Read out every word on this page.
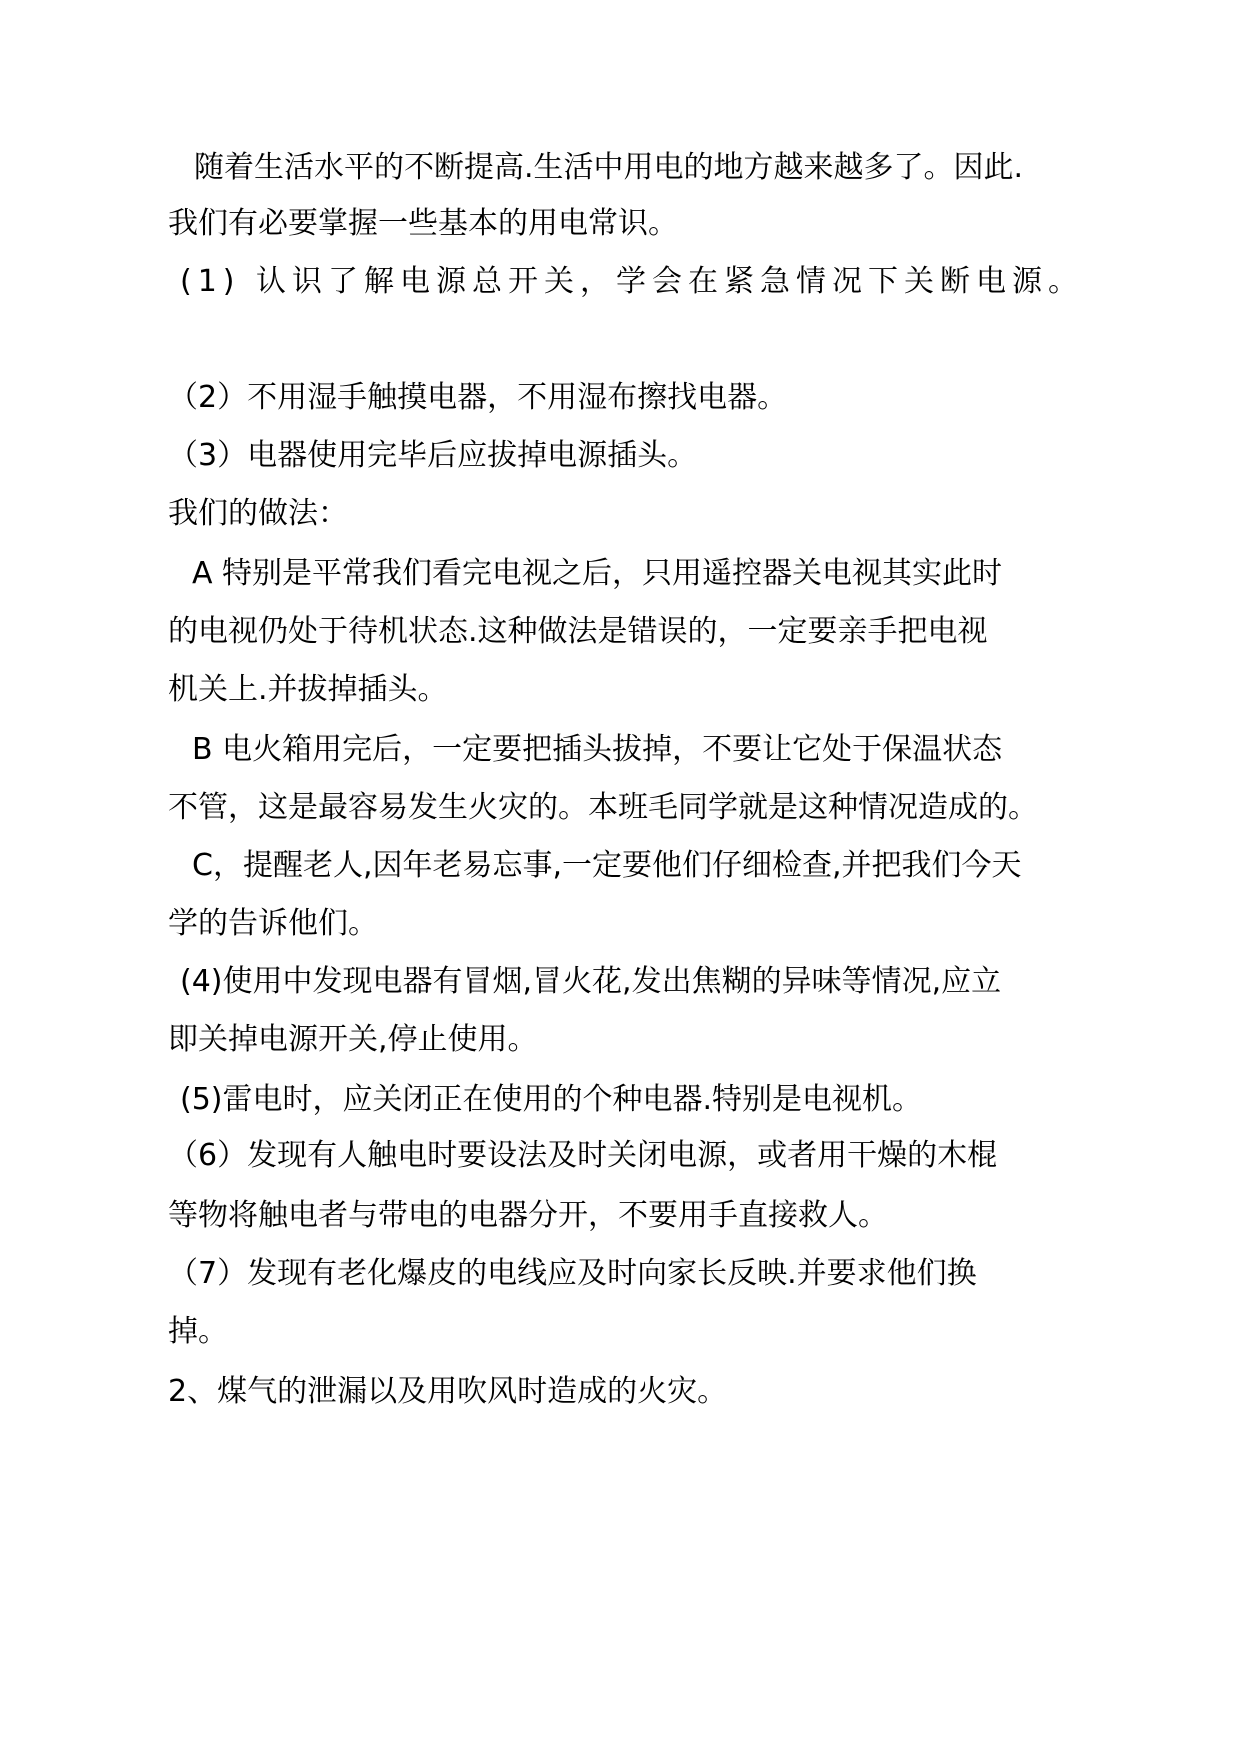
随着生活水平的不断提高.生活中用电的地方越来越多了。因此.
我们有必要掌握一些基本的用电常识。
(1) 认识了解电源总开关，学会在紧急情况下关断电源。
（2）不用湿手触摸电器，不用湿布擦找电器。
（3）电器使用完毕后应拔掉电源插头。
我们的做法：
A 特别是平常我们看完电视之后，只用遥控器关电视其实此时
的电视仍处于待机状态.这种做法是错误的，一定要亲手把电视
机关上.并拔掉插头。
B 电火箱用完后，一定要把插头拔掉，不要让它处于保温状态
不管，这是最容易发生火灾的。本班毛同学就是这种情况造成的。
C，提醒老人,因年老易忘事,一定要他们仔细检查,并把我们今天
学的告诉他们。
(4)使用中发现电器有冒烟,冒火花,发出焦糊的异味等情况,应立
即关掉电源开关,停止使用。
(5)雷电时，应关闭正在使用的个种电器.特别是电视机。
（6）发现有人触电时要设法及时关闭电源，或者用干燥的木棍
等物将触电者与带电的电器分开，不要用手直接救人。
（7）发现有老化爆皮的电线应及时向家长反映.并要求他们换
掉。
2、煤气的泄漏以及用吹风时造成的火灾。
